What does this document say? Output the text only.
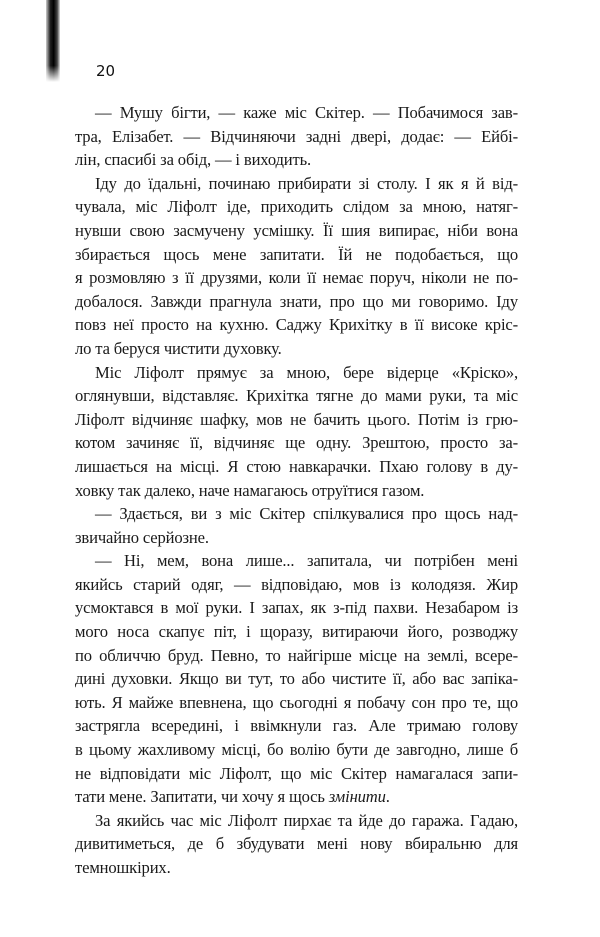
20
— Мушу бігти, — каже міс Скітер. — Побачимося зав-
тра, Елізабет. — Відчиняючи задні двері, додає: — Ейбі-
лін, спасибі за обід, — і виходить.
Іду до їдальні, починаю прибирати зі столу. І як я й від-
чувала, міс Ліфолт іде, приходить слідом за мною, натяг-
нувши свою засмучену усмішку. Її шия випирає, ніби вона
збирається щось мене запитати. Їй не подобається, що
я розмовляю з її друзями, коли її немає поруч, ніколи не по-
добалося. Завжди прагнула знати, про що ми говоримо. Іду
повз неї просто на кухню. Саджу Крихітку в її високе кріс-
ло та беруся чистити духовку.
Міс Ліфолт прямує за мною, бере відерце «Кріско»,
оглянувши, відставляє. Крихітка тягне до мами руки, та міс
Ліфолт відчиняє шафку, мов не бачить цього. Потім із грю-
котом зачиняє її, відчиняє ще одну. Зрештою, просто за-
лишається на місці. Я стою навкарачки. Пхаю голову в ду-
ховку так далеко, наче намагаюсь отруїтися газом.
— Здається, ви з міс Скітер спілкувалися про щось над-
звичайно серйозне.
— Ні, мем, вона лише... запитала, чи потрібен мені
якийсь старий одяг, — відповідаю, мов із колодязя. Жир
усмоктався в мої руки. І запах, як з-під пахви. Незабаром із
мого носа скапує піт, і щоразу, витираючи його, розводжу
по обличчю бруд. Певно, то найгірше місце на землі, всере-
дині духовки. Якщо ви тут, то або чистите її, або вас запіка-
ють. Я майже впевнена, що сьогодні я побачу сон про те, що
застрягла всередині, і ввімкнули газ. Але тримаю голову
в цьому жахливому місці, бо волію бути де завгодно, лише б
не відповідати міс Ліфолт, що міс Скітер намагалася запи-
тати мене. Запитати, чи хочу я щось змінити.
За якийсь час міс Ліфолт пирхає та йде до гаража. Гадаю,
дивитиметься, де б збудувати мені нову вбиральню для
темношкірих.
